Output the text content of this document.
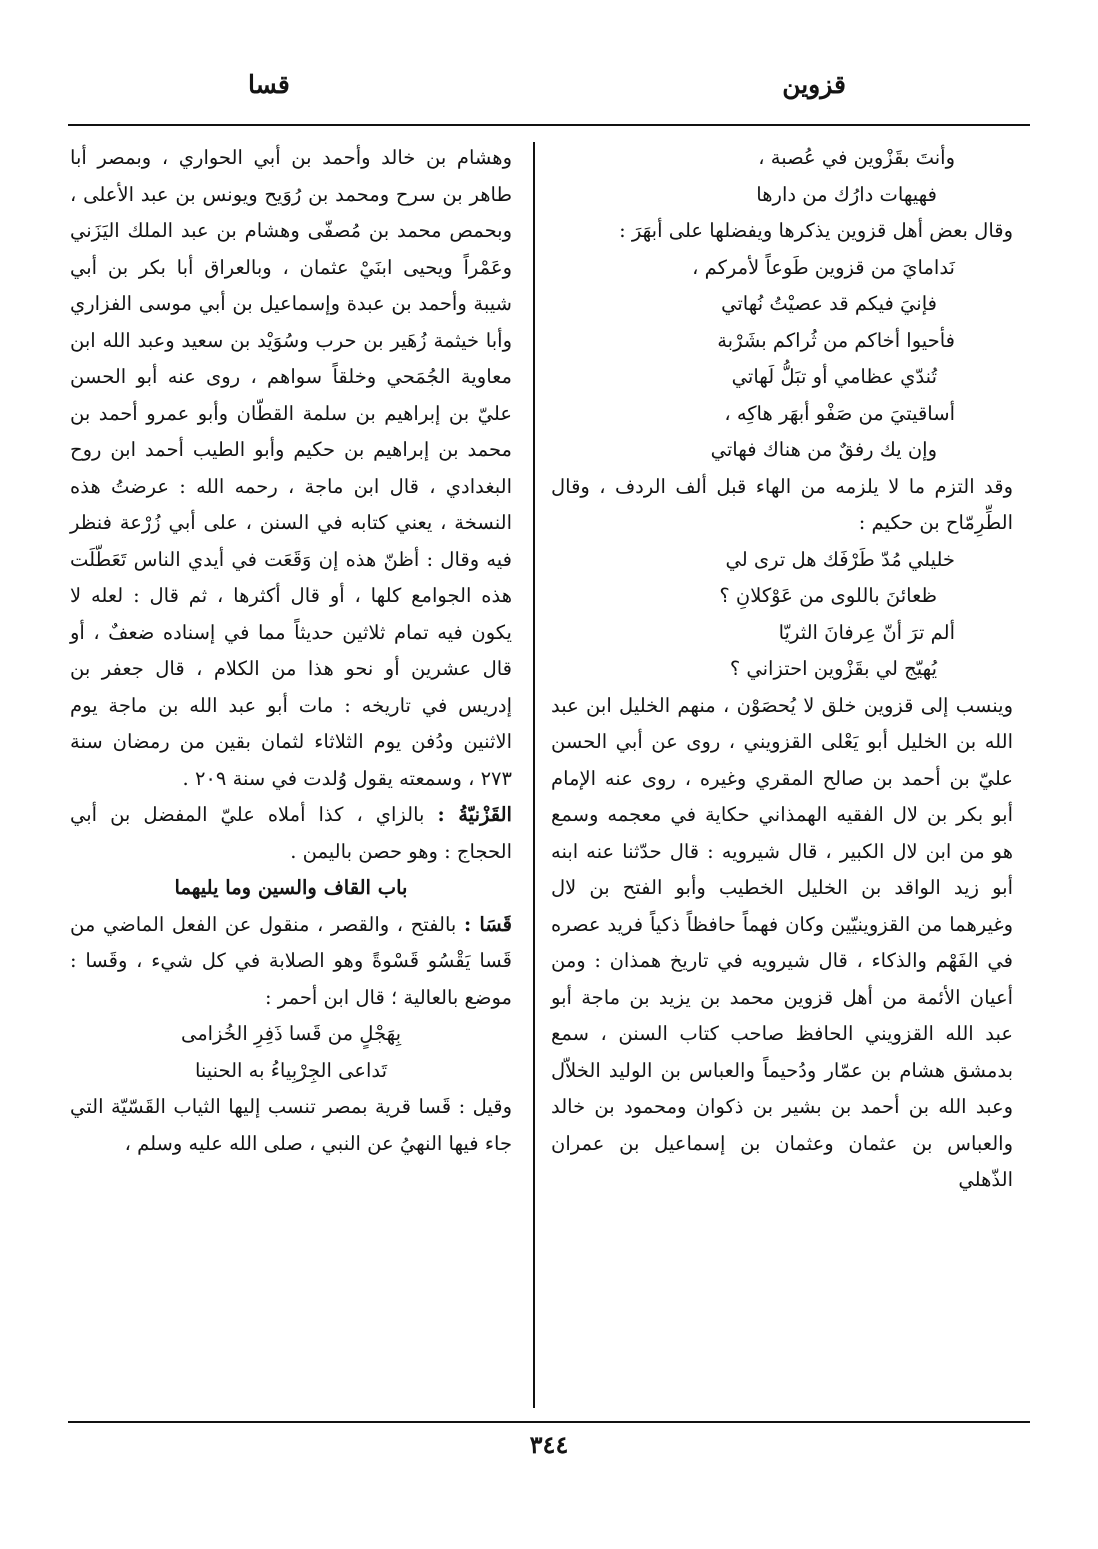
قزوين
قسا

وأنتَ بقَزْوين في عُصبة ،

فهيهات دارُك من دارها

وقال بعض أهل قزوين يذكرها ويفضلها على أبهَرَ :

نَدامايَ من قزوين طَوعاً لأمركم ،

فإنيَ فيكم قد عصيْتُ نُهاتي

فأحيوا أخاكم من ثُراكم بشَرْبة

تُندّي عظامي أو تبَلُّ لَهاتي

أساقيتيَ من صَفْو أبهَر هاكِه ،

وإن يك رفقٌ من هناك فهاتي

وقد التزم ما لا يلزمه من الهاء قبل ألف الردف ، وقال الطِّرِمّاح بن حكيم :

خليلي مُدّ طَرْفَك هل ترى لي

ظعائنَ باللوى من عَوْكلانِ ؟

ألم ترَ أنّ عِرفانَ الثريّا

يُهيّج لي بقَزْوين احتزاني ؟

وينسب إلى قزوين خلق لا يُحصَوْن ، منهم الخليل ابن عبد الله بن الخليل أبو يَعْلى القزويني ، روى عن أبي الحسن عليّ بن أحمد بن صالح المقري وغيره ، روى عنه الإمام أبو بكر بن لال الفقيه الهمذاني حكاية في معجمه وسمع هو من ابن لال الكبير ، قال شيرويه : قال حدّثنا عنه ابنه أبو زيد الواقد بن الخليل الخطيب وأبو الفتح بن لال وغيرهما من القزوينيّين وكان فهماً حافظاً ذكياً فريد عصره في الفَهْم والذكاء ، قال شيرويه في تاريخ همذان : ومن أعيان الأئمة من أهل قزوين محمد بن يزيد بن ماجة أبو عبد الله القزويني الحافظ صاحب كتاب السنن ، سمع بدمشق هشام بن عمّار ودُحيماً والعباس بن الوليد الخلاّل وعبد الله بن أحمد بن بشير بن ذكوان ومحمود بن خالد والعباس بن عثمان وعثمان بن إسماعيل بن عمران الذّهلي

وهشام بن خالد وأحمد بن أبي الحواري ، وبمصر أبا طاهر بن سرح ومحمد بن رُوَيح ويونس بن عبد الأعلى ، وبحمص محمد بن مُصفّى وهشام بن عبد الملك اليَزَني وعَمْراً ويحيى ابنَيْ عثمان ، وبالعراق أبا بكر بن أبي شيبة وأحمد بن عبدة وإسماعيل بن أبي موسى الفزاري وأبا خيثمة زُهَير بن حرب وسُوَيْد بن سعيد وعبد الله ابن معاوية الجُمَحي وخلقاً سواهم ، روى عنه أبو الحسن عليّ بن إبراهيم بن سلمة القطّان وأبو عمرو أحمد بن محمد بن إبراهيم بن حكيم وأبو الطيب أحمد ابن روح البغدادي ، قال ابن ماجة ، رحمه الله : عرضتُ هذه النسخة ، يعني كتابه في السنن ، على أبي زُرْعة فنظر فيه وقال : أظنّ هذه إن وَقَعَت في أيدي الناس تَعَطّلَت هذه الجوامع كلها ، أو قال أكثرها ، ثم قال : لعله لا يكون فيه تمام ثلاثين حديثاً مما في إسناده ضعفٌ ، أو قال عشرين أو نحو هذا من الكلام ، قال جعفر بن إدريس في تاريخه : مات أبو عبد الله بن ماجة يوم الاثنين ودُفن يوم الثلاثاء لثمان بقين من رمضان سنة ٢٧٣ ، وسمعته يقول وُلدت في سنة ٢٠٩ .

القَزْنيّةُ : بالزاي ، كذا أملاه عليّ المفضل بن أبي الحجاج : وهو حصن باليمن .

باب القاف والسين وما يليهما

قَسَا : بالفتح ، والقصر ، منقول عن الفعل الماضي من قَسا يَقْسُو قَسْوةً وهو الصلابة في كل شيء ، وقَسا : موضع بالعالية ؛ قال ابن أحمر :

بِهَجْلٍ من قَسا ذَفِرِ الخُزامى

تَداعى الجِرْبِياءُ به الحنينا

وقيل : قَسا قرية بمصر تنسب إليها الثياب القَسّيّة التي جاء فيها النهيُ عن النبي ، صلى الله عليه وسلم ،

٣٤٤
